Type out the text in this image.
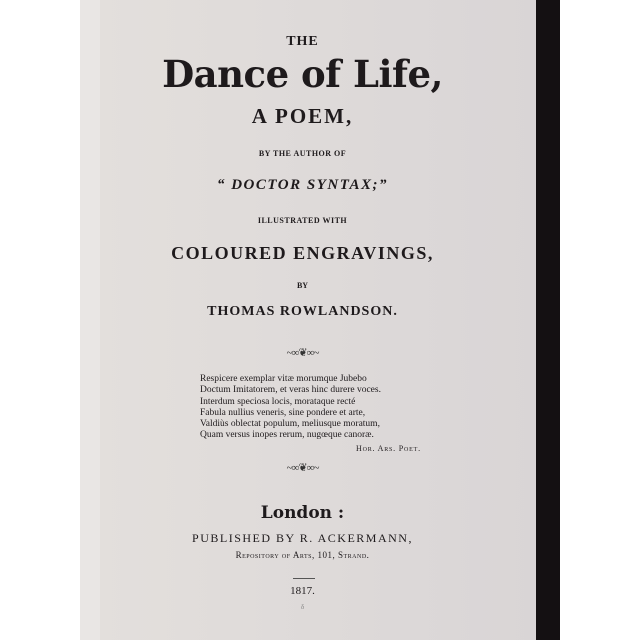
THE
Dance of Life,
A POEM,
BY THE AUTHOR OF
“ DOCTOR SYNTAX;”
ILLUSTRATED WITH
COLOURED ENGRAVINGS,
BY
THOMAS ROWLANDSON.
~∞❦∞~
Respicere exemplar vitæ morumque Jubebo
Doctum Imitatorem, et veras hinc durere voces.
Interdum speciosa locis, morataque recté
Fabula nullius veneris, sine pondere et arte,
Valdiùs oblectat populum, meliusque moratum,
Quam versus inopes rerum, nugœque canoræ.
Hor. Ars. Poet.
~∞❦∞~
London :
PUBLISHED BY R. ACKERMANN,
Repository of Arts, 101, Strand.
1817.
δ
